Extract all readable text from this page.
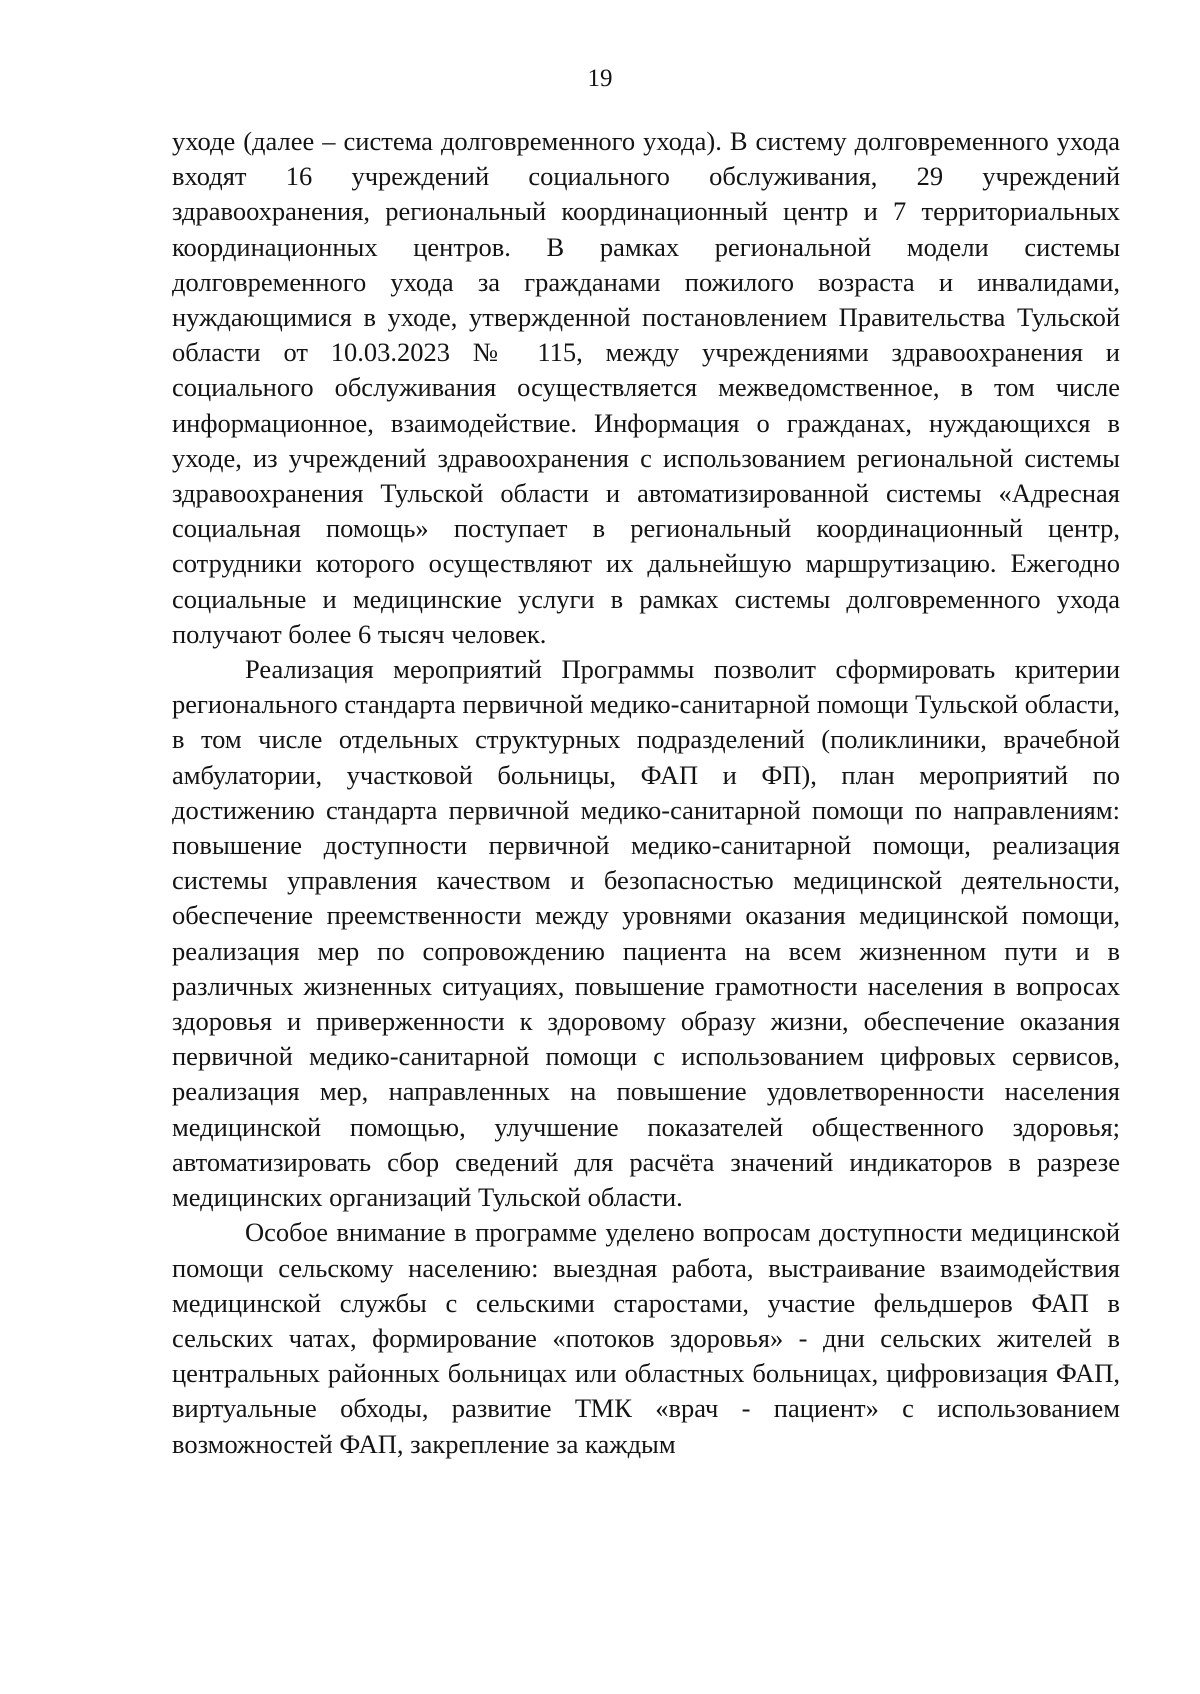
19

уходе (далее – система долговременного ухода). В систему долговременного ухода входят 16 учреждений социального обслуживания, 29 учреждений здравоохранения, региональный координационный центр и 7 территориальных координационных центров. В рамках региональной модели системы долговременного ухода за гражданами пожилого возраста и инвалидами, нуждающимися в уходе, утвержденной постановлением Правительства Тульской области от 10.03.2023 № 115, между учреждениями здравоохранения и социального обслуживания осуществляется межведомственное, в том числе информационное, взаимодействие. Информация о гражданах, нуждающихся в уходе, из учреждений здравоохранения с использованием региональной системы здравоохранения Тульской области и автоматизированной системы «Адресная социальная помощь» поступает в региональный координационный центр, сотрудники которого осуществляют их дальнейшую маршрутизацию. Ежегодно социальные и медицинские услуги в рамках системы долговременного ухода получают более 6 тысяч человек.

Реализация мероприятий Программы позволит сформировать критерии регионального стандарта первичной медико-санитарной помощи Тульской области, в том числе отдельных структурных подразделений (поликлиники, врачебной амбулатории, участковой больницы, ФАП и ФП), план мероприятий по достижению стандарта первичной медико-санитарной помощи по направлениям: повышение доступности первичной медико-санитарной помощи, реализация системы управления качеством и безопасностью медицинской деятельности, обеспечение преемственности между уровнями оказания медицинской помощи, реализация мер по сопровождению пациента на всем жизненном пути и в различных жизненных ситуациях, повышение грамотности населения в вопросах здоровья и приверженности к здоровому образу жизни, обеспечение оказания первичной медико-санитарной помощи с использованием цифровых сервисов, реализация мер, направленных на повышение удовлетворенности населения медицинской помощью, улучшение показателей общественного здоровья; автоматизировать сбор сведений для расчёта значений индикаторов в разрезе медицинских организаций Тульской области.

Особое внимание в программе уделено вопросам доступности медицинской помощи сельскому населению: выездная работа, выстраивание взаимодействия медицинской службы с сельскими старостами, участие фельдшеров ФАП в сельских чатах, формирование «потоков здоровья» - дни сельских жителей в центральных районных больницах или областных больницах, цифровизация ФАП, виртуальные обходы, развитие ТМК «врач - пациент» с использованием возможностей ФАП, закрепление за каждым
